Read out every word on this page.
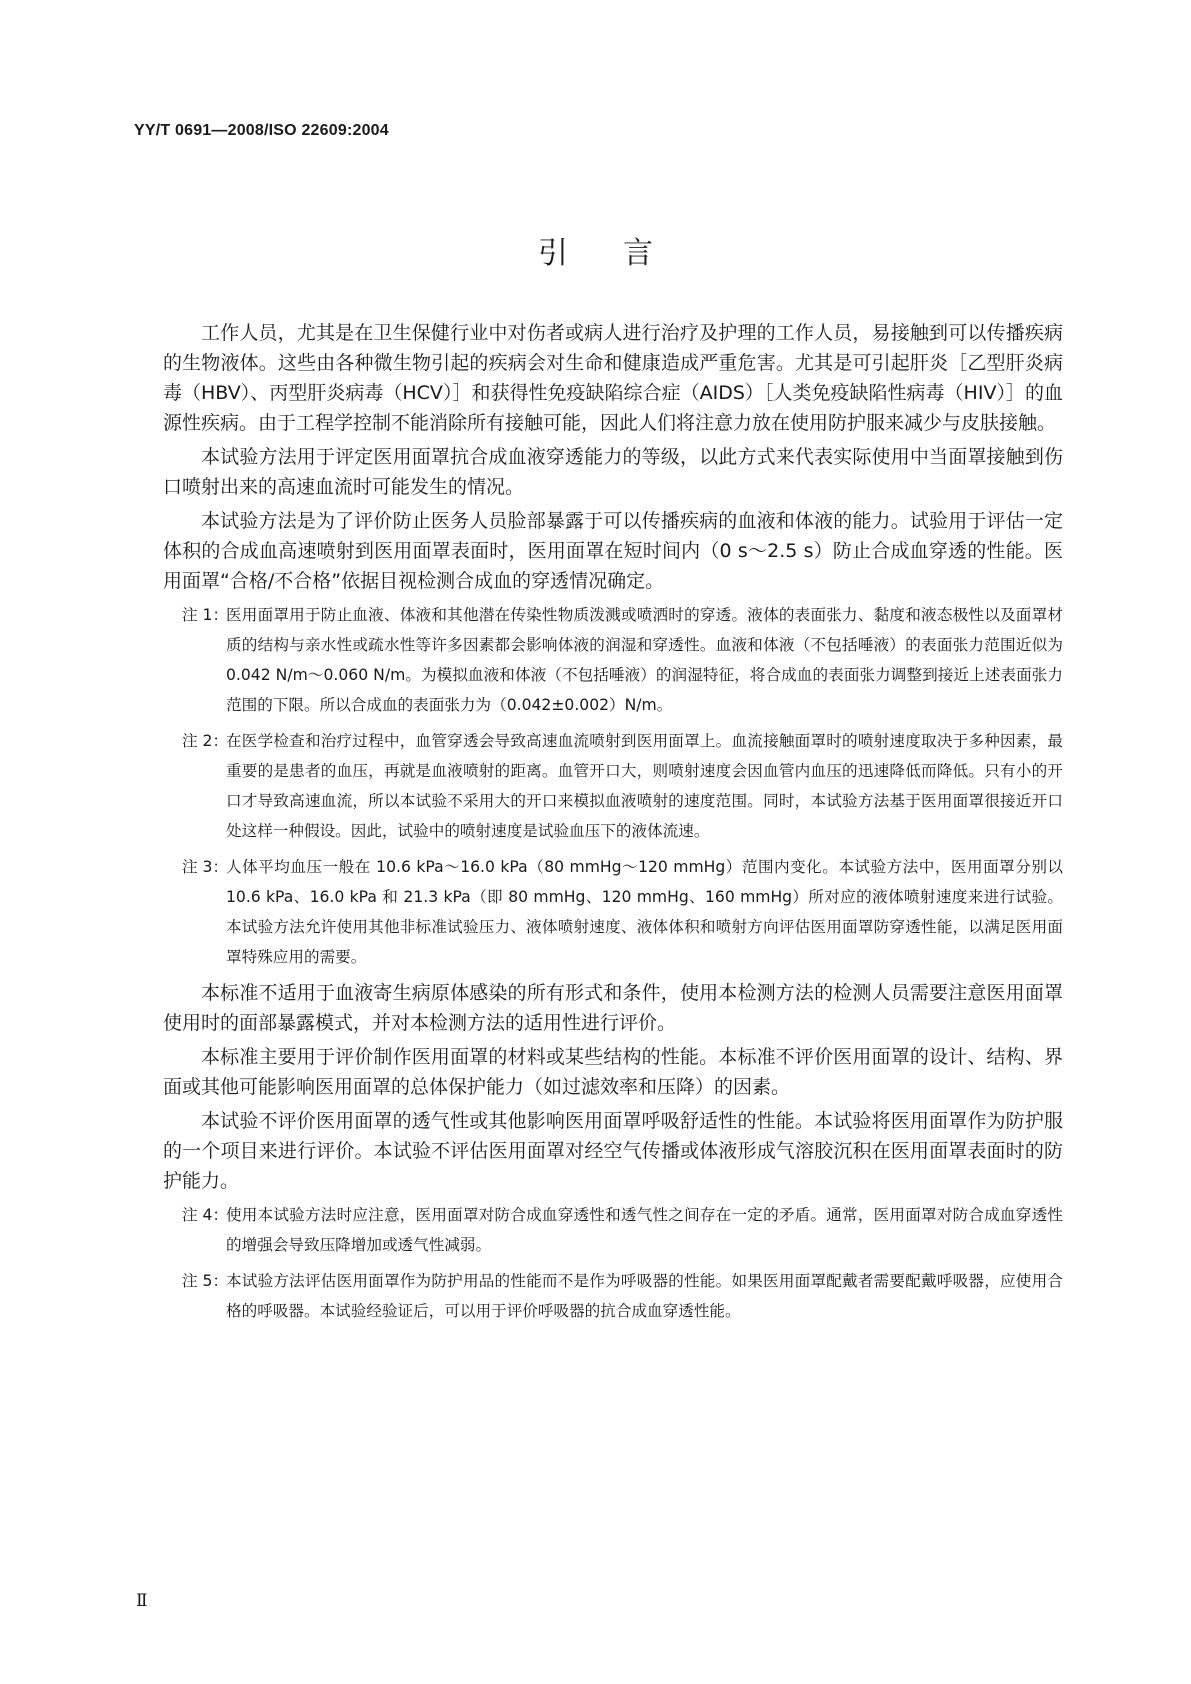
YY/T 0691—2008/ISO 22609:2004
引言

工作人员，尤其是在卫生保健行业中对伤者或病人进行治疗及护理的工作人员，易接触到可以传播疾病的生物液体。这些由各种微生物引起的疾病会对生命和健康造成严重危害。尤其是可引起肝炎［乙型肝炎病毒（HBV）、丙型肝炎病毒（HCV）］和获得性免疫缺陷综合症（AIDS）［人类免疫缺陷性病毒（HIV）］的血源性疾病。由于工程学控制不能消除所有接触可能，因此人们将注意力放在使用防护服来减少与皮肤接触。

本试验方法用于评定医用面罩抗合成血液穿透能力的等级，以此方式来代表实际使用中当面罩接触到伤口喷射出来的高速血流时可能发生的情况。

本试验方法是为了评价防止医务人员脸部暴露于可以传播疾病的血液和体液的能力。试验用于评估一定体积的合成血高速喷射到医用面罩表面时，医用面罩在短时间内（0 s～2.5 s）防止合成血穿透的性能。医用面罩“合格/不合格”依据目视检测合成血的穿透情况确定。

注 1：
医用面罩用于防止血液、体液和其他潜在传染性物质泼溅或喷洒时的穿透。液体的表面张力、黏度和液态极性以及面罩材质的结构与亲水性或疏水性等许多因素都会影响体液的润湿和穿透性。血液和体液（不包括唾液）的表面张力范围近似为 0.042 N/m～0.060 N/m。为模拟血液和体液（不包括唾液）的润湿特征，将合成血的表面张力调整到接近上述表面张力范围的下限。所以合成血的表面张力为（0.042±0.002）N/m。
注 2：
在医学检查和治疗过程中，血管穿透会导致高速血流喷射到医用面罩上。血流接触面罩时的喷射速度取决于多种因素，最重要的是患者的血压，再就是血液喷射的距离。血管开口大，则喷射速度会因血管内血压的迅速降低而降低。只有小的开口才导致高速血流，所以本试验不采用大的开口来模拟血液喷射的速度范围。同时，本试验方法基于医用面罩很接近开口处这样一种假设。因此，试验中的喷射速度是试验血压下的液体流速。
注 3：
人体平均血压一般在 10.6 kPa～16.0 kPa（80 mmHg～120 mmHg）范围内变化。本试验方法中，医用面罩分别以 10.6 kPa、16.0 kPa 和 21.3 kPa（即 80 mmHg、120 mmHg、160 mmHg）所对应的液体喷射速度来进行试验。本试验方法允许使用其他非标准试验压力、液体喷射速度、液体体积和喷射方向评估医用面罩防穿透性能，以满足医用面罩特殊应用的需要。

本标准不适用于血液寄生病原体感染的所有形式和条件，使用本检测方法的检测人员需要注意医用面罩使用时的面部暴露模式，并对本检测方法的适用性进行评价。

本标准主要用于评价制作医用面罩的材料或某些结构的性能。本标准不评价医用面罩的设计、结构、界面或其他可能影响医用面罩的总体保护能力（如过滤效率和压降）的因素。

本试验不评价医用面罩的透气性或其他影响医用面罩呼吸舒适性的性能。本试验将医用面罩作为防护服的一个项目来进行评价。本试验不评估医用面罩对经空气传播或体液形成气溶胶沉积在医用面罩表面时的防护能力。

注 4：
使用本试验方法时应注意，医用面罩对防合成血穿透性和透气性之间存在一定的矛盾。通常，医用面罩对防合成血穿透性的增强会导致压降增加或透气性减弱。
注 5：
本试验方法评估医用面罩作为防护用品的性能而不是作为呼吸器的性能。如果医用面罩配戴者需要配戴呼吸器，应使用合格的呼吸器。本试验经验证后，可以用于评价呼吸器的抗合成血穿透性能。
Ⅱ
